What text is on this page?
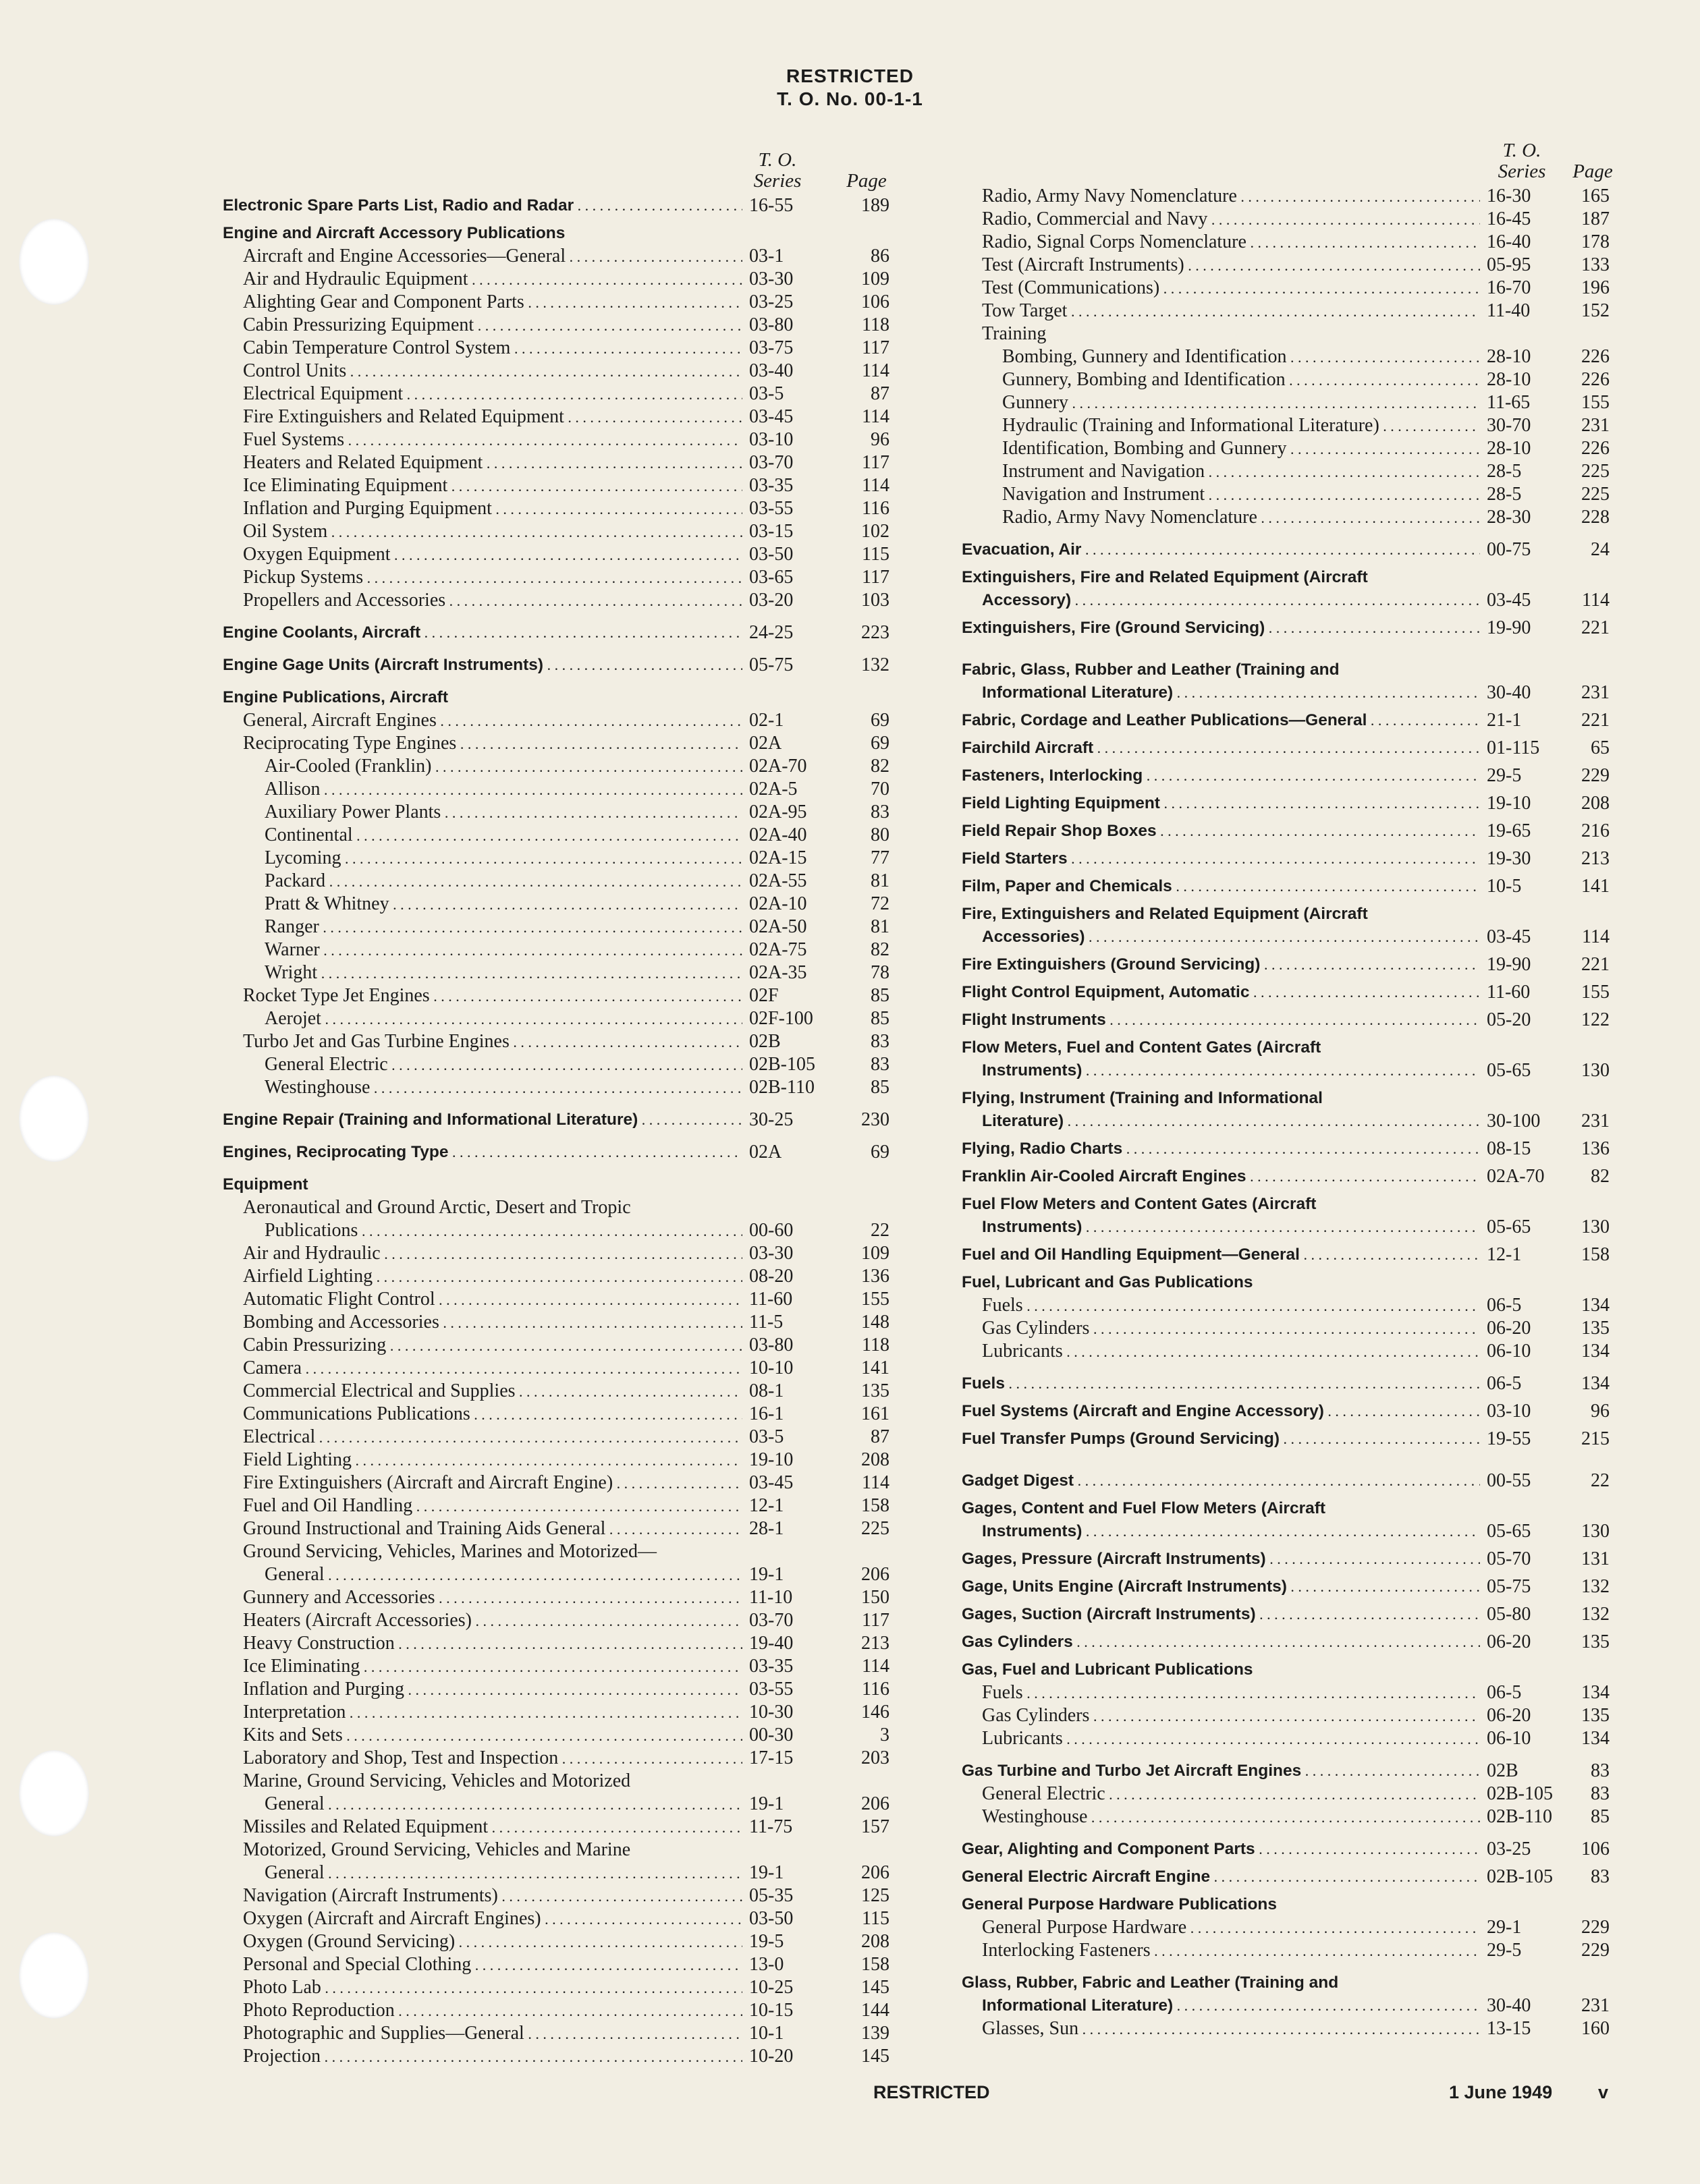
RESTRICTED
T. O. No. 00-1-1
T. O.
Series	Page
Electronic Spare Parts List, Radio and Radar . . .	16-55	189
Engine and Aircraft Accessory Publications
Aircraft and Engine Accessories—General . . .	03-1	86
Air and Hydraulic Equipment . . .	03-30	109
Alighting Gear and Component Parts . . .	03-25	106
Cabin Pressurizing Equipment . . .	03-80	118
Cabin Temperature Control System . . .	03-75	117
Control Units . . .	03-40	114
Electrical Equipment . . .	03-5	87
Fire Extinguishers and Related Equipment . . .	03-45	114
Fuel Systems . . .	03-10	96
Heaters and Related Equipment . . .	03-70	117
Ice Eliminating Equipment . . .	03-35	114
Inflation and Purging Equipment . . .	03-55	116
Oil System . . .	03-15	102
Oxygen Equipment . . .	03-50	115
Pickup Systems . . .	03-65	117
Propellers and Accessories . . .	03-20	103
Engine Coolants, Aircraft . . .	24-25	223
Engine Gage Units (Aircraft Instruments) . . .	05-75	132
Engine Publications, Aircraft
General, Aircraft Engines . . .	02-1	69
Reciprocating Type Engines . . .	02A	69
Air-Cooled (Franklin) . . .	02A-70	82
Allison . . .	02A-5	70
Auxiliary Power Plants . . .	02A-95	83
Continental . . .	02A-40	80
Lycoming . . .	02A-15	77
Packard . . .	02A-55	81
Pratt & Whitney . . .	02A-10	72
Ranger . . .	02A-50	81
Warner . . .	02A-75	82
Wright . . .	02A-35	78
Rocket Type Jet Engines . . .	02F	85
Aerojet . . .	02F-100	85
Turbo Jet and Gas Turbine Engines . . .	02B	83
General Electric . . .	02B-105	83
Westinghouse . . .	02B-110	85
Engine Repair (Training and Informational Literature) . . .	30-25	230
Engines, Reciprocating Type . . .	02A	69
Equipment
Aeronautical and Ground Arctic, Desert and Tropic
Publications . . .	00-60	22
Air and Hydraulic . . .	03-30	109
Airfield Lighting . . .	08-20	136
Automatic Flight Control . . .	11-60	155
Bombing and Accessories . . .	11-5	148
Cabin Pressurizing . . .	03-80	118
Camera . . .	10-10	141
Commercial Electrical and Supplies . . .	08-1	135
Communications Publications . . .	16-1	161
Electrical . . .	03-5	87
Field Lighting . . .	19-10	208
Fire Extinguishers (Aircraft and Aircraft Engine) . . .	03-45	114
Fuel and Oil Handling . . .	12-1	158
Ground Instructional and Training Aids General . . .	28-1	225
Ground Servicing, Vehicles, Marines and Motorized—
General . . .	19-1	206
Gunnery and Accessories . . .	11-10	150
Heaters (Aircraft Accessories) . . .	03-70	117
Heavy Construction . . .	19-40	213
Ice Eliminating . . .	03-35	114
Inflation and Purging . . .	03-55	116
Interpretation . . .	10-30	146
Kits and Sets . . .	00-30	3
Laboratory and Shop, Test and Inspection . . .	17-15	203
Marine, Ground Servicing, Vehicles and Motorized
General . . .	19-1	206
Missiles and Related Equipment . . .	11-75	157
Motorized, Ground Servicing, Vehicles and Marine
General . . .	19-1	206
Navigation (Aircraft Instruments) . . .	05-35	125
Oxygen (Aircraft and Aircraft Engines) . . .	03-50	115
Oxygen (Ground Servicing) . . .	19-5	208
Personal and Special Clothing . . .	13-0	158
Photo Lab . . .	10-25	145
Photo Reproduction . . .	10-15	144
Photographic and Supplies—General . . .	10-1	139
Projection . . .	10-20	145
T. O.
Series	Page
Radio, Army Navy Nomenclature . . .	16-30	165
Radio, Commercial and Navy . . .	16-45	187
Radio, Signal Corps Nomenclature . . .	16-40	178
Test (Aircraft Instruments) . . .	05-95	133
Test (Communications) . . .	16-70	196
Tow Target . . .	11-40	152
Training
Bombing, Gunnery and Identification . . .	28-10	226
Gunnery, Bombing and Identification . . .	28-10	226
Gunnery . . .	11-65	155
Hydraulic (Training and Informational Literature) . . .	30-70	231
Identification, Bombing and Gunnery . . .	28-10	226
Instrument and Navigation . . .	28-5	225
Navigation and Instrument . . .	28-5	225
Radio, Army Navy Nomenclature . . .	28-30	228
Evacuation, Air . . .	00-75	24
Extinguishers, Fire and Related Equipment (Aircraft
Accessory) . . .	03-45	114
Extinguishers, Fire (Ground Servicing) . . .	19-90	221
Fabric, Glass, Rubber and Leather (Training and
Informational Literature) . . .	30-40	231
Fabric, Cordage and Leather Publications—General . . .	21-1	221
Fairchild Aircraft . . .	01-115	65
Fasteners, Interlocking . . .	29-5	229
Field Lighting Equipment . . .	19-10	208
Field Repair Shop Boxes . . .	19-65	216
Field Starters . . .	19-30	213
Film, Paper and Chemicals . . .	10-5	141
Fire, Extinguishers and Related Equipment (Aircraft
Accessories) . . .	03-45	114
Fire Extinguishers (Ground Servicing) . . .	19-90	221
Flight Control Equipment, Automatic . . .	11-60	155
Flight Instruments . . .	05-20	122
Flow Meters, Fuel and Content Gates (Aircraft
Instruments) . . .	05-65	130
Flying, Instrument (Training and Informational
Literature) . . .	30-100	231
Flying, Radio Charts . . .	08-15	136
Franklin Air-Cooled Aircraft Engines . . .	02A-70	82
Fuel Flow Meters and Content Gates (Aircraft
Instruments) . . .	05-65	130
Fuel and Oil Handling Equipment—General . . .	12-1	158
Fuel, Lubricant and Gas Publications
Fuels . . .	06-5	134
Gas Cylinders . . .	06-20	135
Lubricants . . .	06-10	134
Fuels . . .	06-5	134
Fuel Systems (Aircraft and Engine Accessory) . . .	03-10	96
Fuel Transfer Pumps (Ground Servicing) . . .	19-55	215
Gadget Digest . . .	00-55	22
Gages, Content and Fuel Flow Meters (Aircraft
Instruments) . . .	05-65	130
Gages, Pressure (Aircraft Instruments) . . .	05-70	131
Gage, Units Engine (Aircraft Instruments) . . .	05-75	132
Gages, Suction (Aircraft Instruments) . . .	05-80	132
Gas Cylinders . . .	06-20	135
Gas, Fuel and Lubricant Publications
Fuels . . .	06-5	134
Gas Cylinders . . .	06-20	135
Lubricants . . .	06-10	134
Gas Turbine and Turbo Jet Aircraft Engines . . .	02B	83
General Electric . . .	02B-105	83
Westinghouse . . .	02B-110	85
Gear, Alighting and Component Parts . . .	03-25	106
General Electric Aircraft Engine . . .	02B-105	83
General Purpose Hardware Publications
General Purpose Hardware . . .	29-1	229
Interlocking Fasteners . . .	29-5	229
Glass, Rubber, Fabric and Leather (Training and
Informational Literature) . . .	30-40	231
Glasses, Sun . . .	13-15	160
RESTRICTED	1 June 1949	v
